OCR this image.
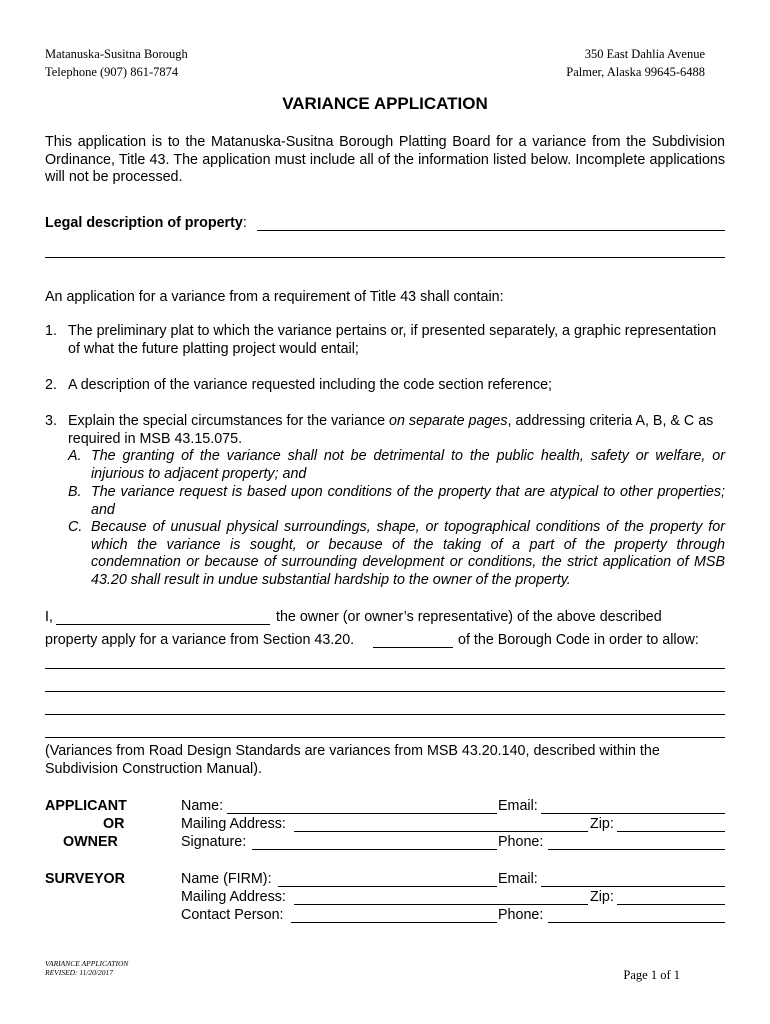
Matanuska-Susitna Borough
Telephone (907) 861-7874
350 East Dahlia Avenue
Palmer, Alaska 99645-6488
VARIANCE APPLICATION
This application is to the Matanuska-Susitna Borough Platting Board for a variance from the Subdivision Ordinance, Title 43. The application must include all of the information listed below. Incomplete applications will not be processed.
Legal description of property:
An application for a variance from a requirement of Title 43 shall contain:
1. The preliminary plat to which the variance pertains or, if presented separately, a graphic representation of what the future platting project would entail;
2. A description of the variance requested including the code section reference;
3. Explain the special circumstances for the variance on separate pages, addressing criteria A, B, & C as required in MSB 43.15.075.
A. The granting of the variance shall not be detrimental to the public health, safety or welfare, or injurious to adjacent property; and
B. The variance request is based upon conditions of the property that are atypical to other properties; and
C. Because of unusual physical surroundings, shape, or topographical conditions of the property for which the variance is sought, or because of the taking of a part of the property through condemnation or because of surrounding development or conditions, the strict application of MSB 43.20 shall result in undue substantial hardship to the owner of the property.
I,	the owner (or owner’s representative) of the above described
property apply for a variance from Section 43.20.	of the Borough Code in order to allow:
(Variances from Road Design Standards are variances from MSB 43.20.140, described within the Subdivision Construction Manual).
APPLICANT
OR
OWNER
Name:	Email:
Mailing Address:	Zip:
Signature:	Phone:
SURVEYOR	Name (FIRM):	Email:
Mailing Address:	Zip:
Contact Person:	Phone:
VARIANCE APPLICATION
REVISED: 11/20/2017	Page 1 of 1
